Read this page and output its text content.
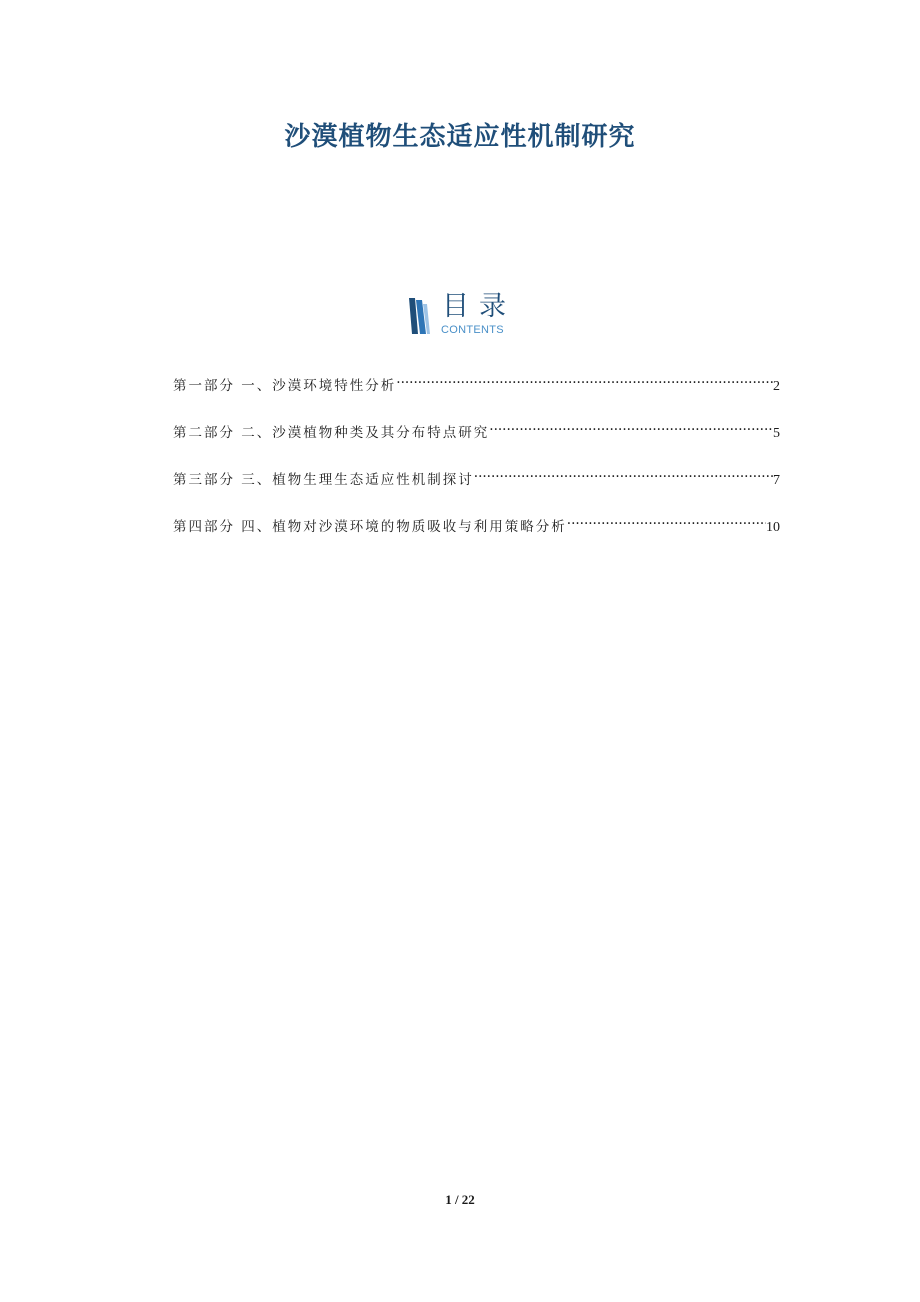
沙漠植物生态适应性机制研究
目录
CONTENTS
第一部分 一、沙漠环境特性分析 .....	2
第二部分 二、沙漠植物种类及其分布特点研究 .....	5
第三部分 三、植物生理生态适应性机制探讨 .....	7
第四部分 四、植物对沙漠环境的物质吸收与利用策略分析 .....	10
1 / 22
